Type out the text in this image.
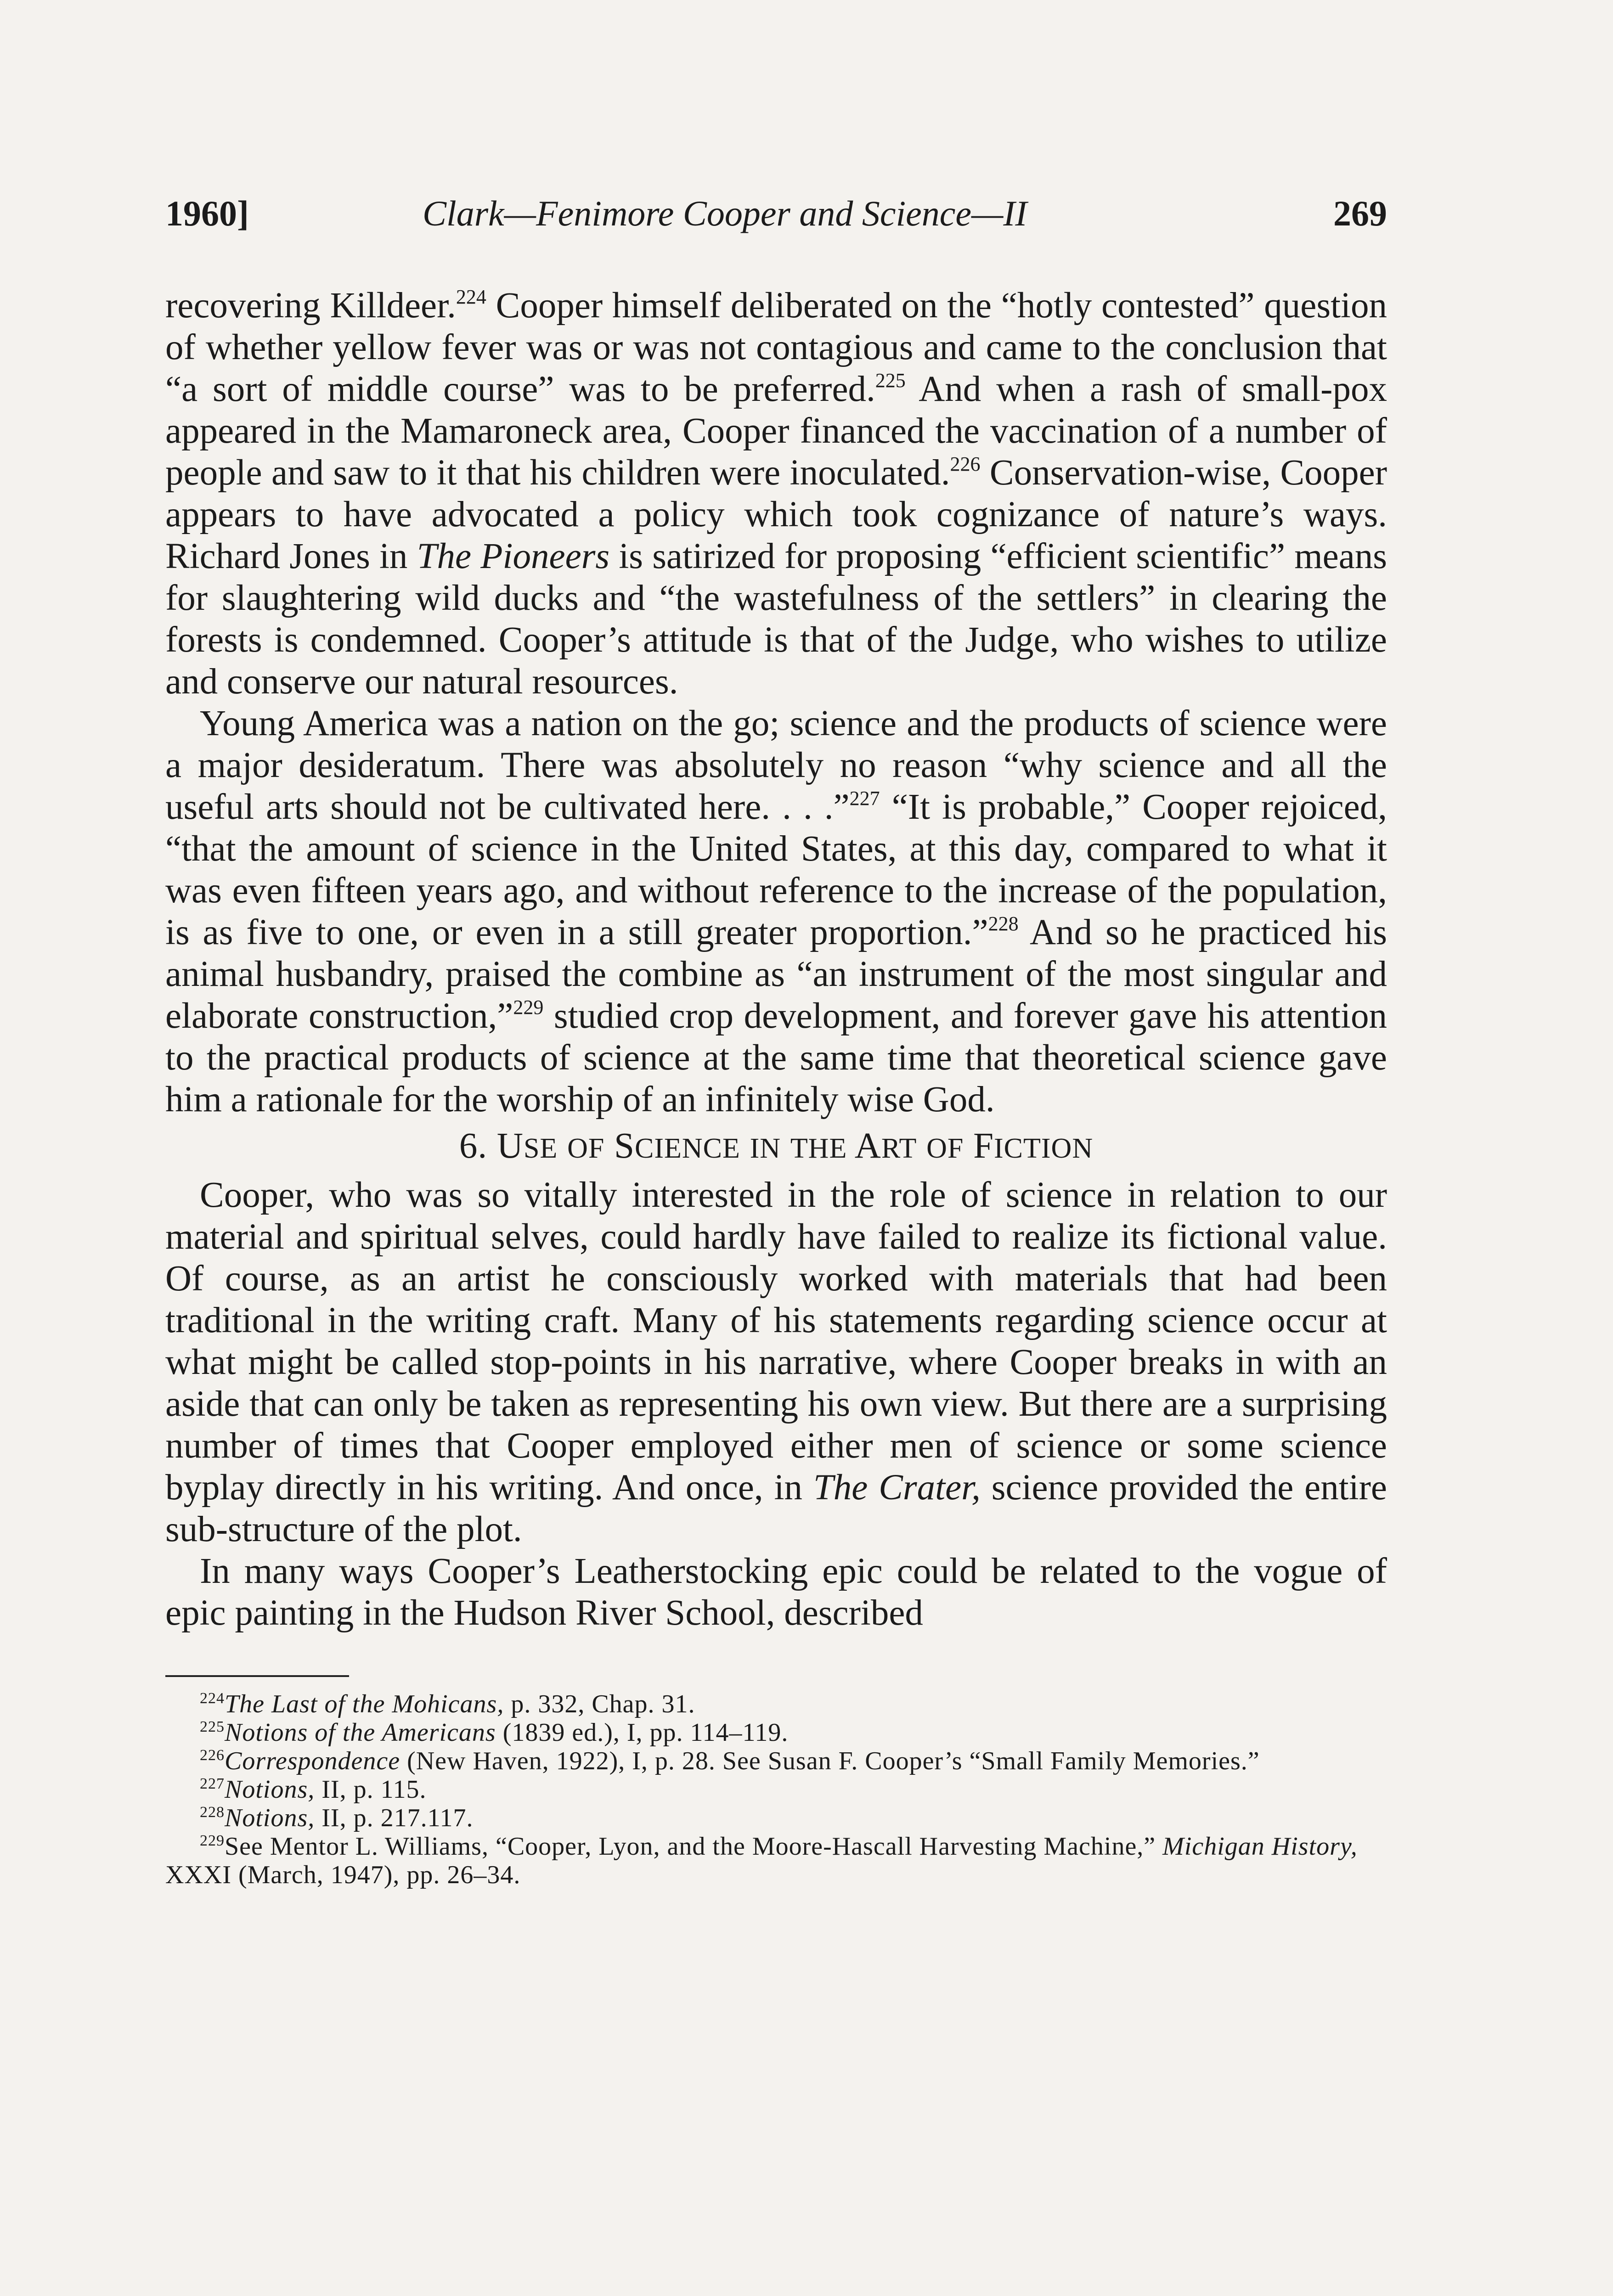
1960]	Clark—Fenimore Cooper and Science—II	269

recovering Killdeer.$^{224}$ Cooper himself deliberated on the “hotly contested” question of whether yellow fever was or was not contagious and came to the conclusion that “a sort of middle course” was to be preferred.$^{225}$ And when a rash of small-pox appeared in the Mamaroneck area, Cooper financed the vaccination of a number of people and saw to it that his children were inoculated.$^{226}$ Conservation-wise, Cooper appears to have advocated a policy which took cognizance of nature’s ways. Richard Jones in The Pioneers is satirized for proposing “efficient scientific” means for slaughtering wild ducks and “the wastefulness of the settlers” in clearing the forests is condemned. Cooper’s attitude is that of the Judge, who wishes to utilize and conserve our natural resources.

Young America was a nation on the go; science and the products of science were a major desideratum. There was absolutely no reason “why science and all the useful arts should not be cultivated here. . . .”$^{227}$ “It is probable,” Cooper rejoiced, “that the amount of science in the United States, at this day, compared to what it was even fifteen years ago, and without reference to the increase of the population, is as five to one, or even in a still greater proportion.”$^{228}$ And so he practiced his animal husbandry, praised the combine as “an instrument of the most singular and elaborate construction,”$^{229}$ studied crop development, and forever gave his attention to the practical products of science at the same time that theoretical science gave him a rationale for the worship of an infinitely wise God.

6. USE OF SCIENCE IN THE ART OF FICTION

Cooper, who was so vitally interested in the role of science in relation to our material and spiritual selves, could hardly have failed to realize its fictional value. Of course, as an artist he consciously worked with materials that had been traditional in the writing craft. Many of his statements regarding science occur at what might be called stop-points in his narrative, where Cooper breaks in with an aside that can only be taken as representing his own view. But there are a surprising number of times that Cooper employed either men of science or some science byplay directly in his writing. And once, in The Crater, science provided the entire sub-structure of the plot.

In many ways Cooper’s Leatherstocking epic could be related to the vogue of epic painting in the Hudson River School, described

$^{224}$The Last of the Mohicans, p. 332, Chap. 31.

$^{225}$Notions of the Americans (1839 ed.), I, pp. 114–119.

$^{226}$Correspondence (New Haven, 1922), I, p. 28. See Susan F. Cooper’s “Small Family Memories.”

$^{227}$Notions, II, p. 115.

$^{228}$Notions, II, p. 217.117.

$^{229}$See Mentor L. Williams, “Cooper, Lyon, and the Moore-Hascall Harvesting Machine,” Michigan History, XXXI (March, 1947), pp. 26–34.
